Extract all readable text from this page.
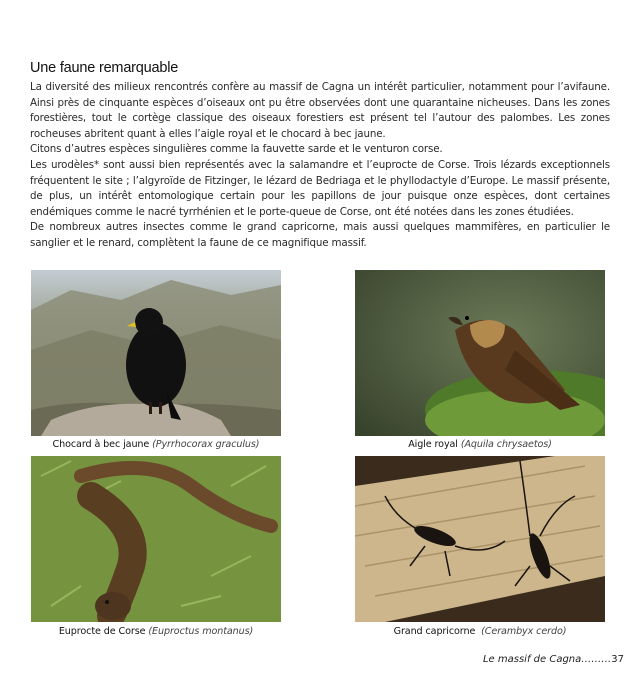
Une faune remarquable

La diversité des milieux rencontrés confère au massif de Cagna un intérêt particulier, notamment pour l’avifaune. Ainsi près de cinquante espèces d’oiseaux ont pu être observées dont une quarantaine nicheuses. Dans les zones forestières, tout le cortège classique des oiseaux forestiers est présent tel l’autour des palombes. Les zones rocheuses abritent quant à elles l’aigle royal et le chocard à bec jaune.

Citons d’autres espèces singulières comme la fauvette sarde et le venturon corse.

Les urodèles* sont aussi bien représentés avec la salamandre et l’euprocte de Corse. Trois lézards exceptionnels fréquentent le site ; l’algyroïde de Fitzinger, le lézard de Bedriaga et le phyllodactyle d’Europe. Le massif présente, de plus, un intérêt entomologique certain pour les papillons de jour puisque onze espèces, dont certaines endémiques comme le nacré tyrrhénien et le porte-queue de Corse, ont été notées dans les zones étudiées.

De nombreux autres insectes comme le grand capricorne, mais aussi quelques mammifères, en particulier le sanglier et le renard, complètent la faune de ce magnifique massif.

Chocard à bec jaune (Pyrrhocorax graculus)	Aigle royal (Aquila chrysaetos)
Euprocte de Corse (Euproctus montanus)	Grand capricorne (Cerambyx cerdo)
Le massif de Cagna………37
